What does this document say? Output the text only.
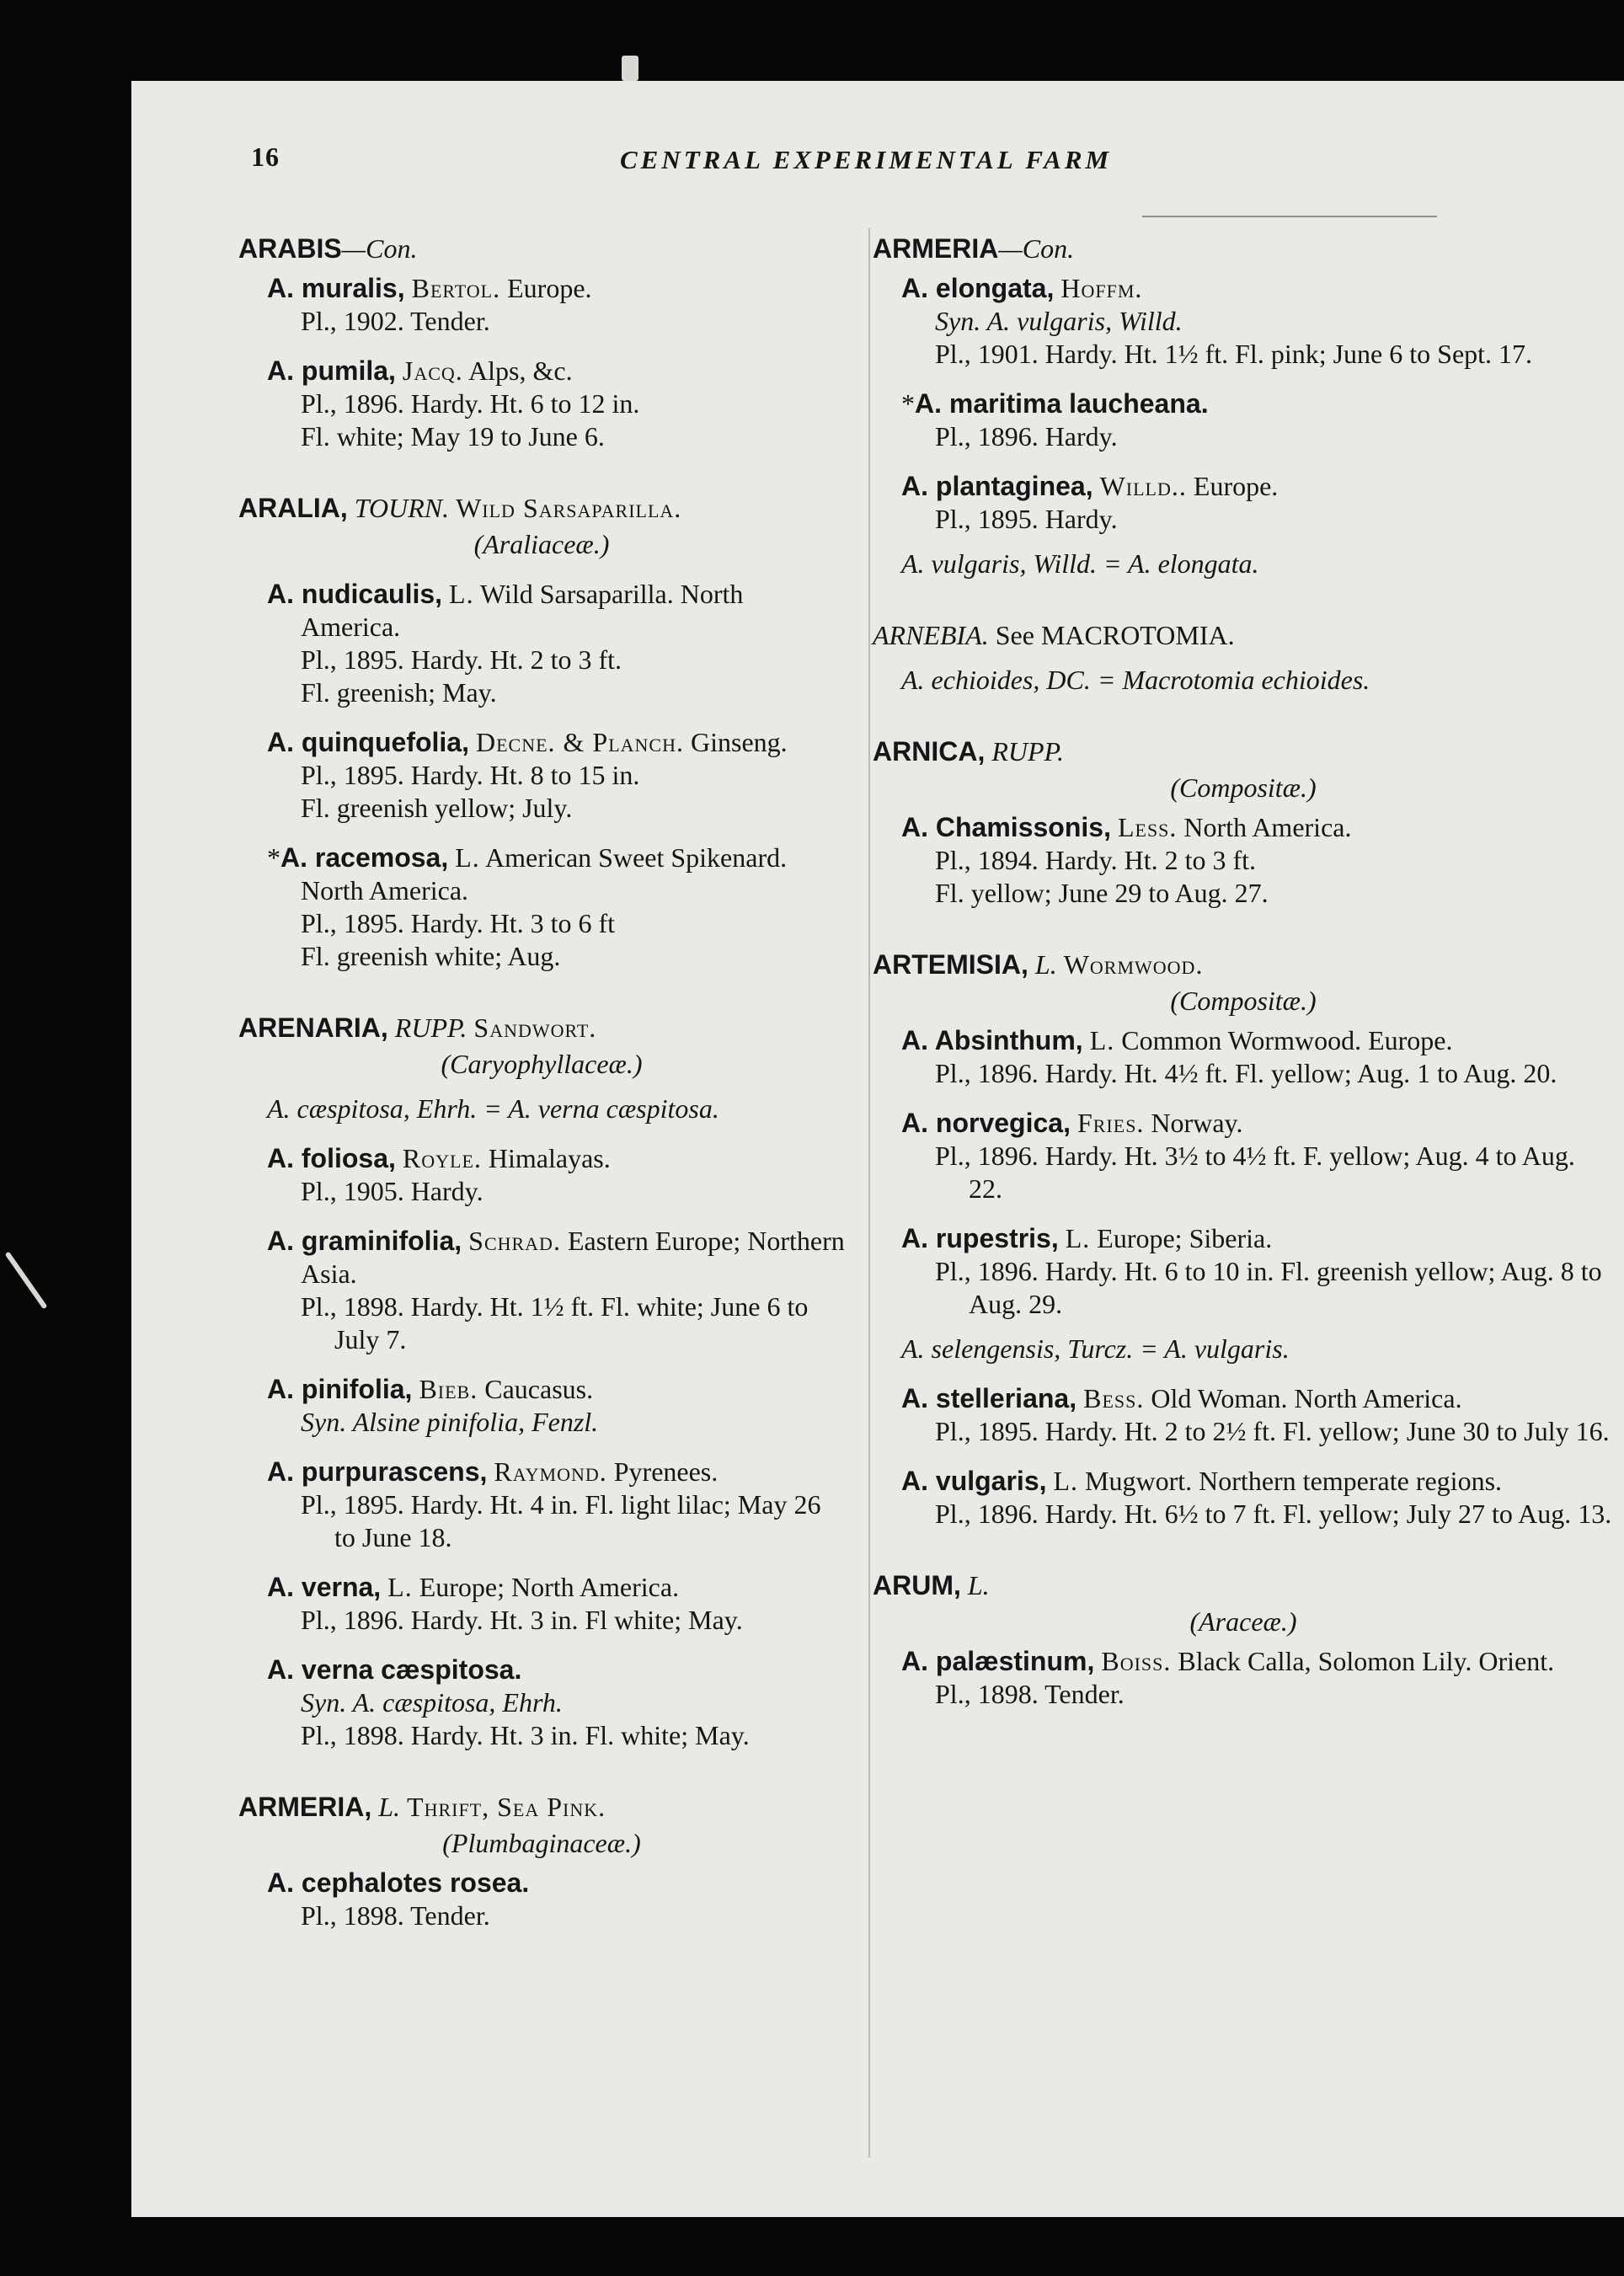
16	CENTRAL EXPERIMENTAL FARM
ARABIS—Con.
A. muralis, Bertol. Europe.
Pl., 1902. Tender.
A. pumila, Jacq. Alps, &c.
Pl., 1896. Hardy. Ht. 6 to 12 in.
Fl. white; May 19 to June 6.
ARALIA, TOURN. Wild Sarsaparilla.
(Araliaceæ.)
A. nudicaulis, L. Wild Sarsaparilla. North America.
Pl., 1895. Hardy. Ht. 2 to 3 ft.
Fl. greenish; May.
A. quinquefolia, Decne. & Planch. Ginseng.
Pl., 1895. Hardy. Ht. 8 to 15 in.
Fl. greenish yellow; July.
*A. racemosa, L. American Sweet Spikenard. North America.
Pl., 1895. Hardy. Ht. 3 to 6 ft
Fl. greenish white; Aug.
ARENARIA, RUPP. Sandwort.
(Caryophyllaceæ.)
A. cæspitosa, Ehrh. = A. verna cæspitosa.
A. foliosa, Royle. Himalayas.
Pl., 1905. Hardy.
A. graminifolia, Schrad. Eastern Europe; Northern Asia.
Pl., 1898. Hardy. Ht. 1½ ft. Fl. white; June 6 to July 7.
A. pinifolia, Bieb. Caucasus.
Syn. Alsine pinifolia, Fenzl.
A. purpurascens, Raymond. Pyrenees.
Pl., 1895. Hardy. Ht. 4 in. Fl. light lilac; May 26 to June 18.
A. verna, L. Europe; North America.
Pl., 1896. Hardy. Ht. 3 in. Fl white; May.
A. verna cæspitosa.
Syn. A. cæspitosa, Ehrh.
Pl., 1898. Hardy. Ht. 3 in. Fl. white; May.
ARMERIA, L. Thrift, Sea Pink.
(Plumbaginaceæ.)
A. cephalotes rosea.
Pl., 1898. Tender.
ARMERIA—Con.
A. elongata, Hoffm.
Syn. A. vulgaris, Willd.
Pl., 1901. Hardy. Ht. 1½ ft. Fl. pink; June 6 to Sept. 17.
*A. maritima laucheana.
Pl., 1896. Hardy.
A. plantaginea, Willd.. Europe.
Pl., 1895. Hardy.
A. vulgaris, Willd. = A. elongata.
ARNEBIA. See MACROTOMIA.
A. echioides, DC. = Macrotomia echioides.
ARNICA, RUPP.
(Compositæ.)
A. Chamissonis, Less. North America.
Pl., 1894. Hardy. Ht. 2 to 3 ft.
Fl. yellow; June 29 to Aug. 27.
ARTEMISIA, L. Wormwood.
(Compositæ.)
A. Absinthum, L. Common Wormwood. Europe.
Pl., 1896. Hardy. Ht. 4½ ft. Fl. yellow; Aug. 1 to Aug. 20.
A. norvegica, Fries. Norway.
Pl., 1896. Hardy. Ht. 3½ to 4½ ft. F. yellow; Aug. 4 to Aug. 22.
A. rupestris, L. Europe; Siberia.
Pl., 1896. Hardy. Ht. 6 to 10 in. Fl. greenish yellow; Aug. 8 to Aug. 29.
A. selengensis, Turcz. = A. vulgaris.
A. stelleriana, Bess. Old Woman. North America.
Pl., 1895. Hardy. Ht. 2 to 2½ ft. Fl. yellow; June 30 to July 16.
A. vulgaris, L. Mugwort. Northern temperate regions.
Pl., 1896. Hardy. Ht. 6½ to 7 ft. Fl. yellow; July 27 to Aug. 13.
ARUM, L.
(Araceæ.)
A. palæstinum, Boiss. Black Calla, Solomon Lily. Orient.
Pl., 1898. Tender.
